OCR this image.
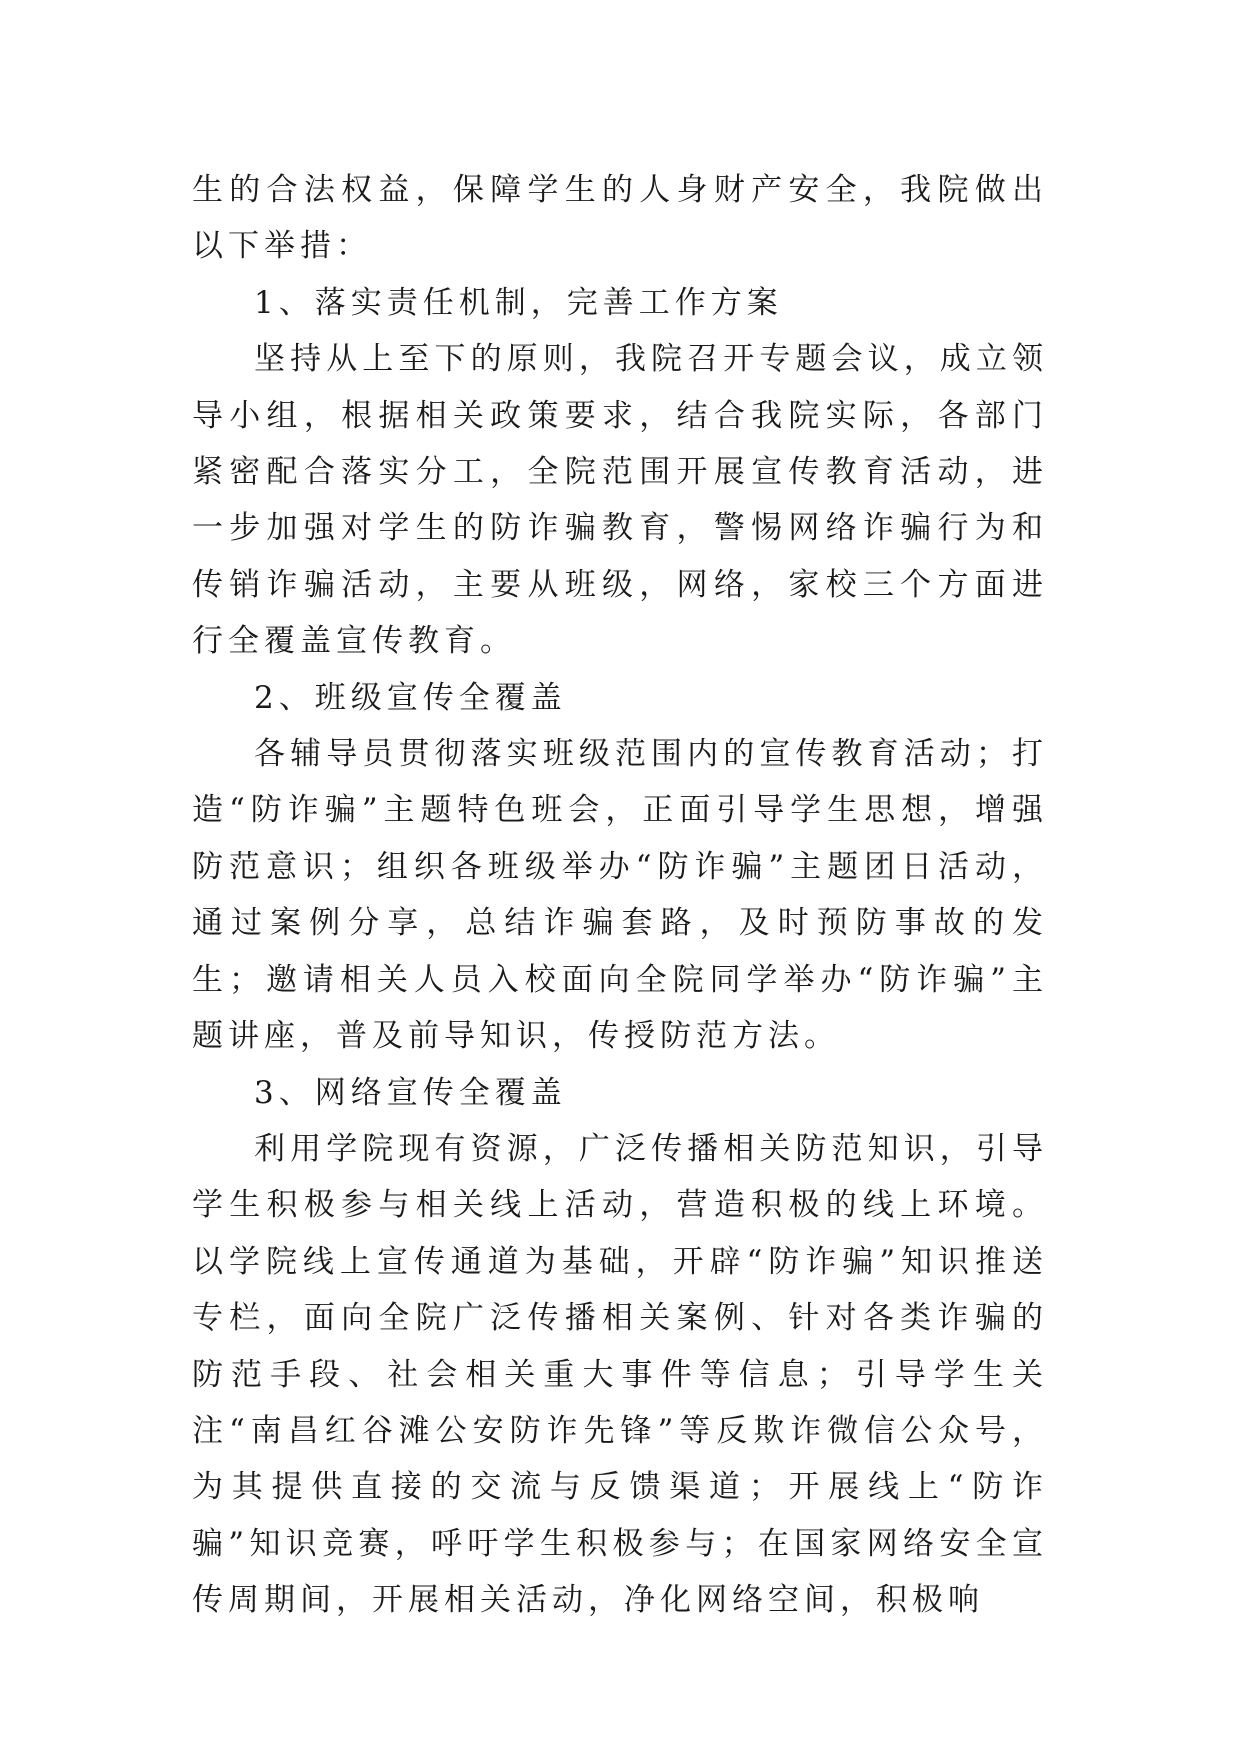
生的合法权益，保障学生的人身财产安全，我院做出以下举措：

1、落实责任机制，完善工作方案

坚持从上至下的原则，我院召开专题会议，成立领导小组，根据相关政策要求，结合我院实际，各部门紧密配合落实分工，全院范围开展宣传教育活动，进一步加强对学生的防诈骗教育，警惕网络诈骗行为和传销诈骗活动，主要从班级，网络，家校三个方面进行全覆盖宣传教育。

2、班级宣传全覆盖

各辅导员贯彻落实班级范围内的宣传教育活动；打造“防诈骗”主题特色班会，正面引导学生思想，增强防范意识；组织各班级举办“防诈骗”主题团日活动，通过案例分享，总结诈骗套路，及时预防事故的发生；邀请相关人员入校面向全院同学举办“防诈骗”主题讲座，普及前导知识，传授防范方法。

3、网络宣传全覆盖

利用学院现有资源，广泛传播相关防范知识，引导学生积极参与相关线上活动，营造积极的线上环境。以学院线上宣传通道为基础，开辟“防诈骗”知识推送专栏，面向全院广泛传播相关案例、针对各类诈骗的防范手段、社会相关重大事件等信息；引导学生关注“南昌红谷滩公安防诈先锋”等反欺诈微信公众号，为其提供直接的交流与反馈渠道；开展线上“防诈骗”知识竞赛，呼吁学生积极参与；在国家网络安全宣传周期间，开展相关活动，净化网络空间，积极响
